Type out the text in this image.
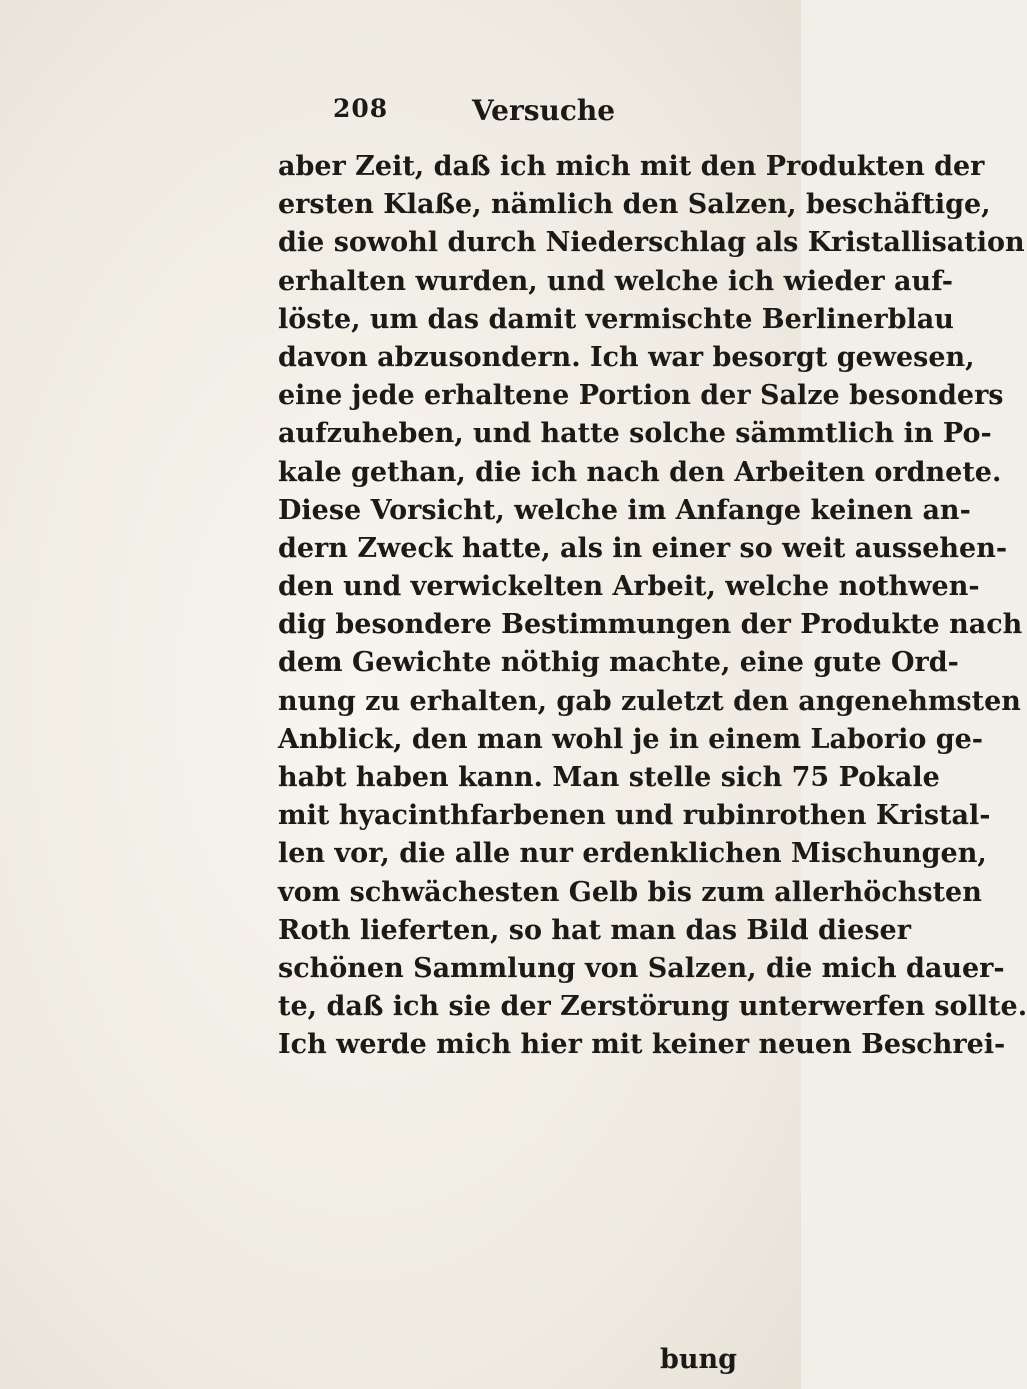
208	Versuche
aber Zeit, daß ich mich mit den Produkten der
ersten Klaße, nämlich den Salzen, beschäftige,
die sowohl durch Niederschlag als Kristallisation
erhalten wurden, und welche ich wieder auf-
löste, um das damit vermischte Berlinerblau
davon abzusondern. Ich war besorgt gewesen,
eine jede erhaltene Portion der Salze besonders
aufzuheben, und hatte solche sämmtlich in Po-
kale gethan, die ich nach den Arbeiten ordnete.
Diese Vorsicht, welche im Anfange keinen an-
dern Zweck hatte, als in einer so weit aussehen-
den und verwickelten Arbeit, welche nothwen-
dig besondere Bestimmungen der Produkte nach
dem Gewichte nöthig machte, eine gute Ord-
nung zu erhalten, gab zuletzt den angenehmsten
Anblick, den man wohl je in einem Laborio ge-
habt haben kann. Man stelle sich 75 Pokale
mit hyacinthfarbenen und rubinrothen Kristal-
len vor, die alle nur erdenklichen Mischungen,
vom schwächesten Gelb bis zum allerhöchsten
Roth lieferten, so hat man das Bild dieser
schönen Sammlung von Salzen, die mich dauer-
te, daß ich sie der Zerstörung unterwerfen sollte.
Ich werde mich hier mit keiner neuen Beschrei-
bung
